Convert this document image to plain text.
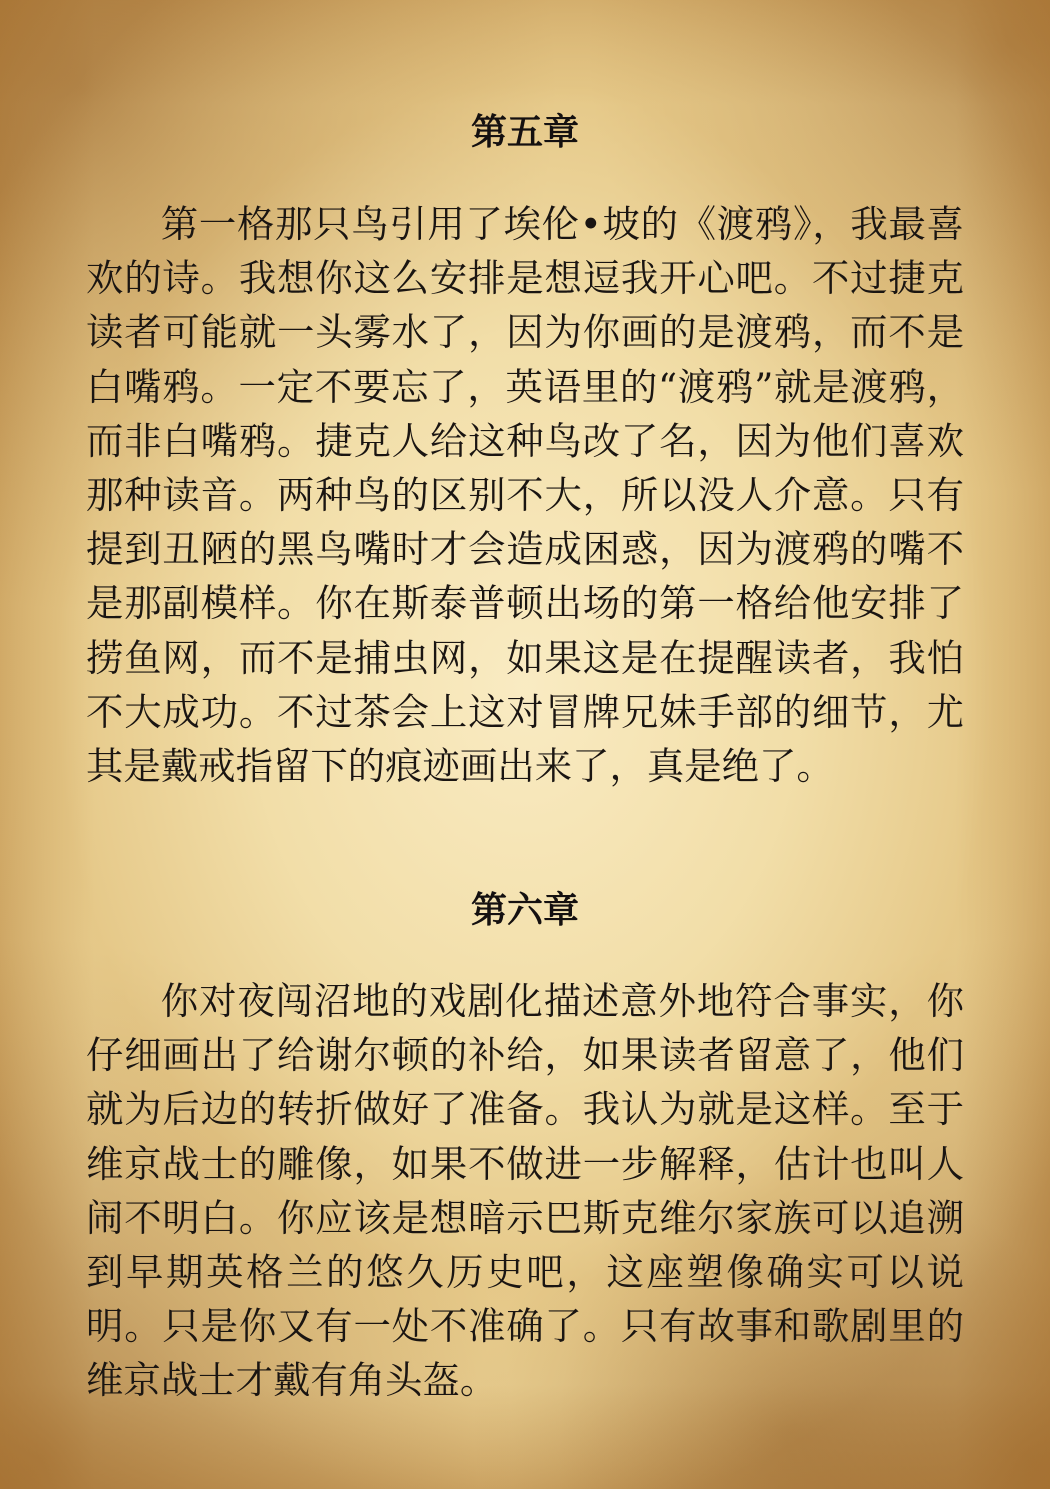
第五章

第一格那只鸟引用了埃伦•坡的《渡鸦》，我最喜欢的诗。我想你这么安排是想逗我开心吧。不过捷克读者可能就一头雾水了，因为你画的是渡鸦，而不是白嘴鸦。一定不要忘了，英语里的“渡鸦”就是渡鸦，而非白嘴鸦。捷克人给这种鸟改了名，因为他们喜欢那种读音。两种鸟的区别不大，所以没人介意。只有提到丑陋的黑鸟嘴时才会造成困惑，因为渡鸦的嘴不是那副模样。你在斯泰普顿出场的第一格给他安排了捞鱼网，而不是捕虫网，如果这是在提醒读者，我怕不大成功。不过茶会上这对冒牌兄妹手部的细节，尤其是戴戒指留下的痕迹画出来了，真是绝了。

第六章

你对夜闯沼地的戏剧化描述意外地符合事实，你仔细画出了给谢尔顿的补给，如果读者留意了，他们就为后边的转折做好了准备。我认为就是这样。至于维京战士的雕像，如果不做进一步解释，估计也叫人闹不明白。你应该是想暗示巴斯克维尔家族可以追溯到早期英格兰的悠久历史吧，这座塑像确实可以说明。只是你又有一处不准确了。只有故事和歌剧里的维京战士才戴有角头盔。
